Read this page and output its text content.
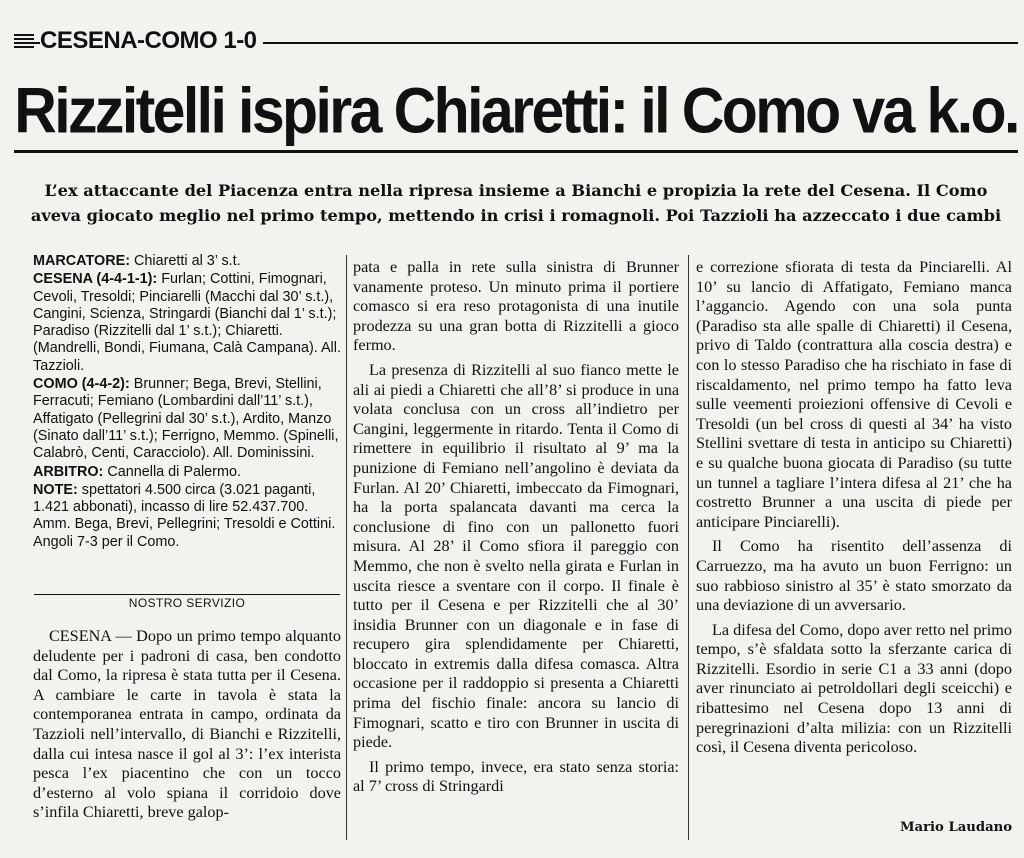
CESENA-COMO 1-0
Rizzitelli ispira Chiaretti: il Como va k.o.
L’ex attaccante del Piacenza entra nella ripresa insieme a Bianchi e propizia la rete del Cesena. Il Como
aveva giocato meglio nel primo tempo, mettendo in crisi i romagnoli. Poi Tazzioli ha azzeccato i due cambi

MARCATORE: Chiaretti al 3’ s.t.

CESENA (4-4-1-1): Furlan; Cottini, Fimognari, Cevoli, Tresoldi; Pinciarelli (Macchi dal 30’ s.t.), Cangini, Scienza, Stringardi (Bianchi dal 1’ s.t.); Paradiso (Rizzitelli dal 1’ s.t.); Chiaretti. (Mandrelli, Bondi, Fiumana, Calà Campana). All. Tazzioli.

COMO (4-4-2): Brunner; Bega, Brevi, Stellini, Ferracuti; Femiano (Lombardini dall’11’ s.t.), Affatigato (Pellegrini dal 30’ s.t.), Ardito, Manzo (Sinato dall’11’ s.t.); Ferrigno, Memmo. (Spinelli, Calabrò, Centi, Caracciolo). All. Dominissini.

ARBITRO: Cannella di Palermo.

NOTE: spettatori 4.500 circa (3.021 paganti, 1.421 abbonati), incasso di lire 52.437.700. Amm. Bega, Brevi, Pellegrini; Tresoldi e Cottini. Angoli 7-3 per il Como.

NOSTRO SERVIZIO

CESENA — Dopo un primo tempo alquanto deludente per i padroni di casa, ben condotto dal Como, la ripresa è stata tutta per il Cesena. A cambiare le carte in tavola è stata la contemporanea entrata in campo, ordinata da Tazzioli nell’intervallo, di Bianchi e Rizzitelli, dalla cui intesa nasce il gol al 3’: l’ex interista pesca l’ex piacentino che con un tocco d’esterno al volo spiana il corridoio dove s’infila Chiaretti, breve galop-

pata e palla in rete sulla sinistra di Brunner vanamente proteso. Un minuto prima il portiere comasco si era reso protagonista di una inutile prodezza su una gran botta di Rizzitelli a gioco fermo.

La presenza di Rizzitelli al suo fianco mette le ali ai piedi a Chiaretti che all’8’ si produce in una volata conclusa con un cross all’indietro per Cangini, leggermente in ritardo. Tenta il Como di rimettere in equilibrio il risultato al 9’ ma la punizione di Femiano nell’angolino è deviata da Furlan. Al 20’ Chiaretti, imbeccato da Fimognari, ha la porta spalancata davanti ma cerca la conclusione di fino con un pallonetto fuori misura. Al 28’ il Como sfiora il pareggio con Memmo, che non è svelto nella girata e Furlan in uscita riesce a sventare con il corpo. Il finale è tutto per il Cesena e per Rizzitelli che al 30’ insidia Brunner con un diagonale e in fase di recupero gira splendidamente per Chiaretti, bloccato in extremis dalla difesa comasca. Altra occasione per il raddoppio si presenta a Chiaretti prima del fischio finale: ancora su lancio di Fimognari, scatto e tiro con Brunner in uscita di piede.

Il primo tempo, invece, era stato senza storia: al 7’ cross di Stringardi

e correzione sfiorata di testa da Pinciarelli. Al 10’ su lancio di Affatigato, Femiano manca l’aggancio. Agendo con una sola punta (Paradiso sta alle spalle di Chiaretti) il Cesena, privo di Taldo (contrattura alla coscia destra) e con lo stesso Paradiso che ha rischiato in fase di riscaldamento, nel primo tempo ha fatto leva sulle veementi proiezioni offensive di Cevoli e Tresoldi (un bel cross di questi al 34’ ha visto Stellini svettare di testa in anticipo su Chiaretti) e su qualche buona giocata di Paradiso (su tutte un tunnel a tagliare l’intera difesa al 21’ che ha costretto Brunner a una uscita di piede per anticipare Pinciarelli).

Il Como ha risentito dell’assenza di Carruezzo, ma ha avuto un buon Ferrigno: un suo rabbioso sinistro al 35’ è stato smorzato da una deviazione di un avversario.

La difesa del Como, dopo aver retto nel primo tempo, s’è sfaldata sotto la sferzante carica di Rizzitelli. Esordio in serie C1 a 33 anni (dopo aver rinunciato ai petroldollari degli sceicchi) e ribattesimo nel Cesena dopo 13 anni di peregrinazioni d’alta milizia: con un Rizzitelli così, il Cesena diventa pericoloso.

Mario Laudano
